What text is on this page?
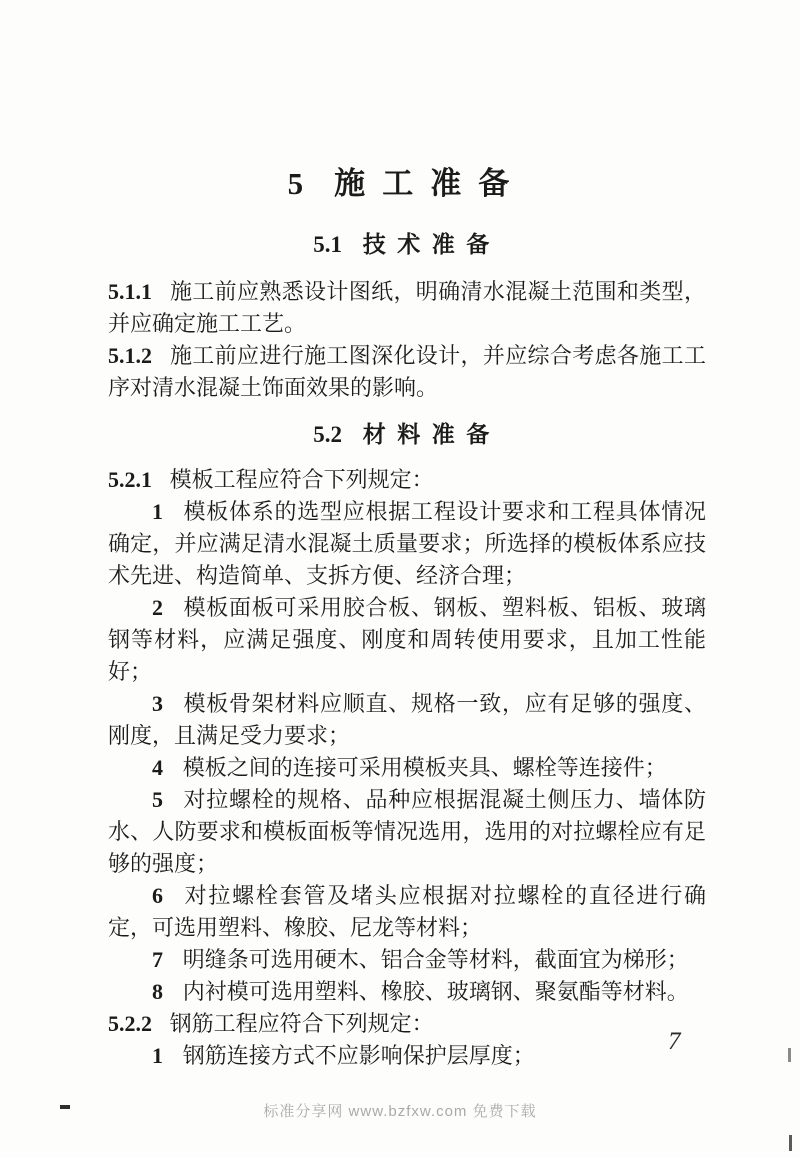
5 施工准备
5.1 技术准备

5.1.1 施工前应熟悉设计图纸，明确清水混凝土范围和类型，并应确定施工工艺。

5.1.2 施工前应进行施工图深化设计，并应综合考虑各施工工序对清水混凝土饰面效果的影响。

5.2 材料准备

5.2.1 模板工程应符合下列规定：

1 模板体系的选型应根据工程设计要求和工程具体情况确定，并应满足清水混凝土质量要求；所选择的模板体系应技术先进、构造简单、支拆方便、经济合理；

2 模板面板可采用胶合板、钢板、塑料板、铝板、玻璃钢等材料，应满足强度、刚度和周转使用要求，且加工性能好；

3 模板骨架材料应顺直、规格一致，应有足够的强度、刚度，且满足受力要求；

4 模板之间的连接可采用模板夹具、螺栓等连接件；

5 对拉螺栓的规格、品种应根据混凝土侧压力、墙体防水、人防要求和模板面板等情况选用，选用的对拉螺栓应有足够的强度；

6 对拉螺栓套管及堵头应根据对拉螺栓的直径进行确定，可选用塑料、橡胶、尼龙等材料；

7 明缝条可选用硬木、铝合金等材料，截面宜为梯形；

8 内衬模可选用塑料、橡胶、玻璃钢、聚氨酯等材料。

5.2.2 钢筋工程应符合下列规定：

1 钢筋连接方式不应影响保护层厚度；

7
标准分享网 www.bzfxw.com 免费下载
